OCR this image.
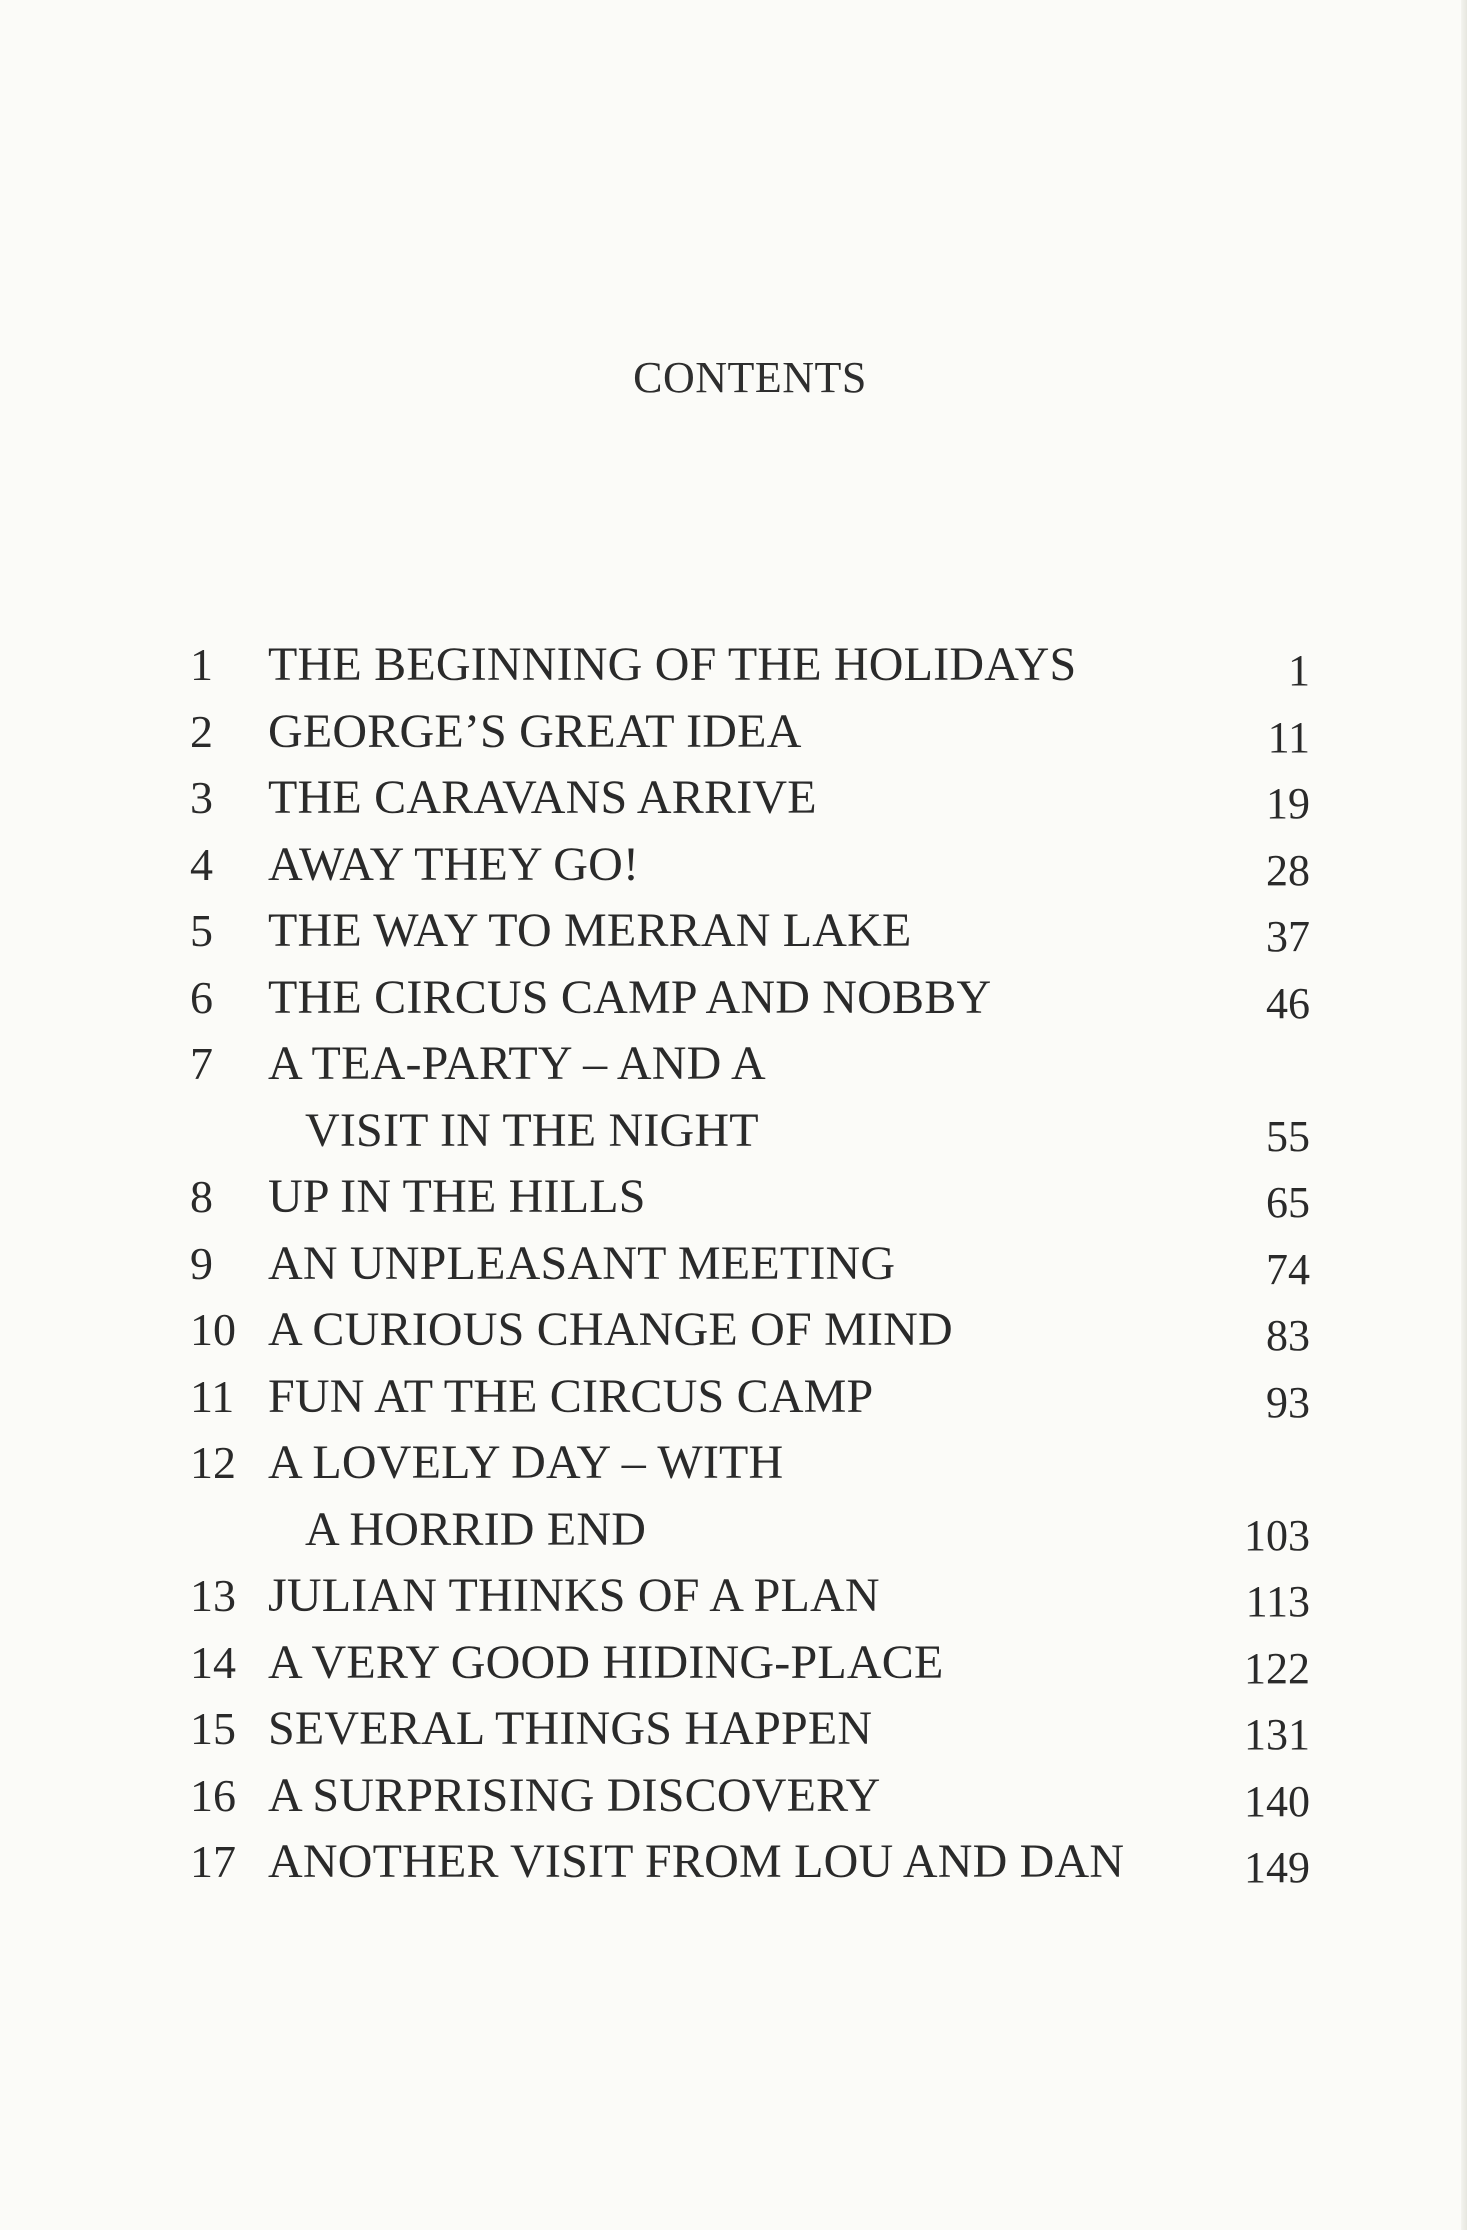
CONTENTS
1	THE BEGINNING OF THE HOLIDAYS	1
2	GEORGE’S GREAT IDEA	11
3	THE CARAVANS ARRIVE	19
4	AWAY THEY GO!	28
5	THE WAY TO MERRAN LAKE	37
6	THE CIRCUS CAMP AND NOBBY	46
7	A TEA-PARTY – AND A
VISIT IN THE NIGHT	55
8	UP IN THE HILLS	65
9	AN UNPLEASANT MEETING	74
10 A CURIOUS CHANGE OF MIND	83
11 FUN AT THE CIRCUS CAMP	93
12 A LOVELY DAY – WITH
A HORRID END	103
13 JULIAN THINKS OF A PLAN	113
14 A VERY GOOD HIDING-PLACE	122
15 SEVERAL THINGS HAPPEN	131
16 A SURPRISING DISCOVERY	140
17 ANOTHER VISIT FROM LOU AND DAN	149
